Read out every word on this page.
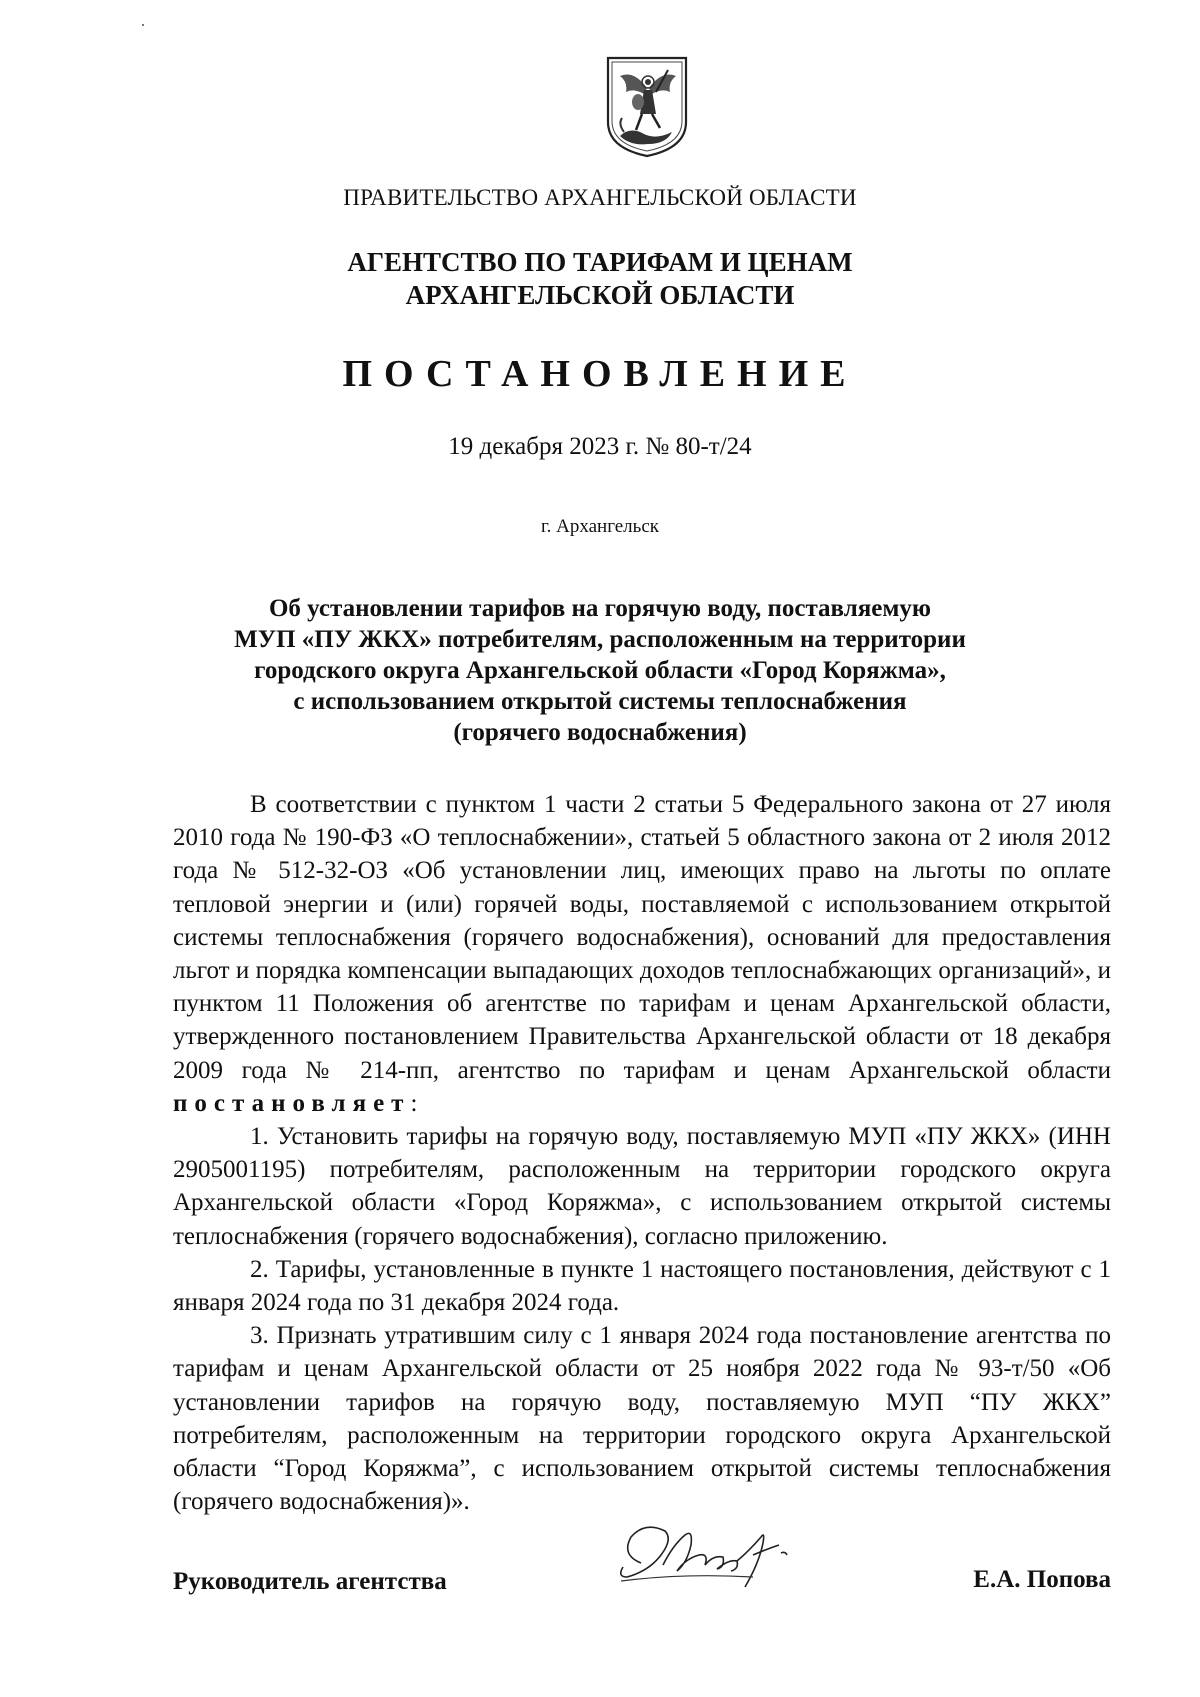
ПРАВИТЕЛЬСТВО АРХАНГЕЛЬСКОЙ ОБЛАСТИ
АГЕНТСТВО ПО ТАРИФАМ И ЦЕНАМ
АРХАНГЕЛЬСКОЙ ОБЛАСТИ
ПОСТАНОВЛЕНИЕ
19 декабря 2023 г. № 80-т/24
г. Архангельск
Об установлении тарифов на горячую воду, поставляемую
МУП «ПУ ЖКХ» потребителям, расположенным на территории
городского округа Архангельской области «Город Коряжма»,
с использованием открытой системы теплоснабжения
(горячего водоснабжения)

В соответствии с пунктом 1 части 2 статьи 5 Федерального закона от 27 июля 2010 года № 190-ФЗ «О теплоснабжении», статьей 5 областного закона от 2 июля 2012 года № 512-32-ОЗ «Об установлении лиц, имеющих право на льготы по оплате тепловой энергии и (или) горячей воды, поставляемой с использованием открытой системы теплоснабжения (горячего водоснабжения), оснований для предоставления льгот и порядка компенсации выпадающих доходов теплоснабжающих организаций», и пунктом 11 Положения об агентстве по тарифам и ценам Архангельской области, утвержденного постановлением Правительства Архангельской области от 18 декабря 2009 года № 214-пп, агентство по тарифам и ценам Архангельской области постановляет:

1. Установить тарифы на горячую воду, поставляемую МУП «ПУ ЖКХ» (ИНН 2905001195) потребителям, расположенным на территории городского округа Архангельской области «Город Коряжма», с использованием открытой системы теплоснабжения (горячего водоснабжения), согласно приложению.

2. Тарифы, установленные в пункте 1 настоящего постановления, действуют с 1 января 2024 года по 31 декабря 2024 года.

3. Признать утратившим силу с 1 января 2024 года постановление агентства по тарифам и ценам Архангельской области от 25 ноября 2022 года № 93-т/50 «Об установлении тарифов на горячую воду, поставляемую МУП “ПУ ЖКХ” потребителям, расположенным на территории городского округа Архангельской области “Город Коряжма”, с использованием открытой системы теплоснабжения (горячего водоснабжения)».

Руководитель агентства	Е.А. Попова
